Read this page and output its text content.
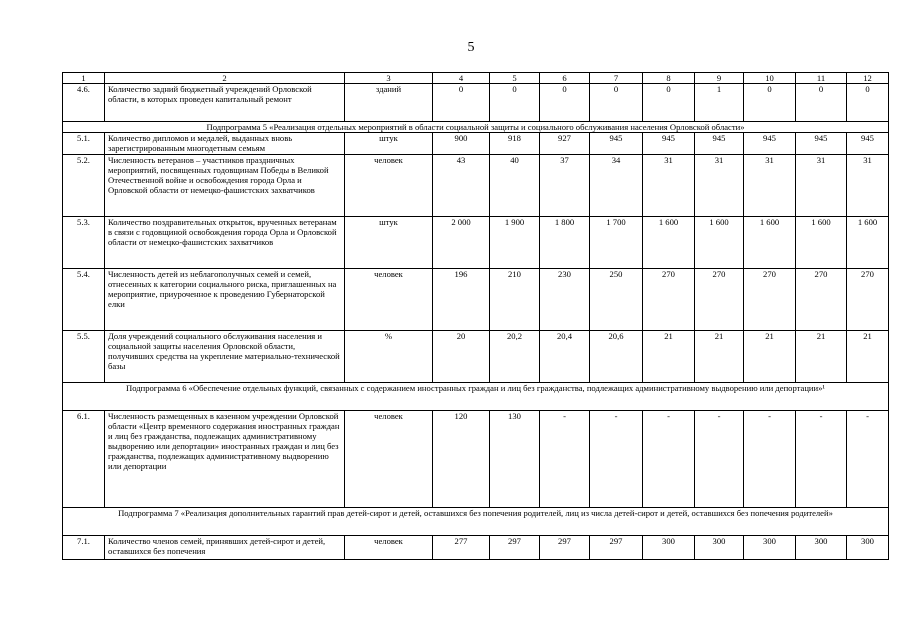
5
1	2	3	4	5	6	7	8	9	10	11	12
4.6.	Количество задний бюджетный учреждений Орловской области, в которых проведен капитальный ремонт	зданий	0	0	0	0	0	1	0	0	0
Подпрограмма 5 «Реализация отдельных мероприятий в области социальной защиты и социального обслуживания населения Орловской области»											
5.1.	Количество дипломов и медалей, выданных вновь зарегистрированным многодетным семьям	штук	900	918	927	945	945	945	945	945	945
5.2.	Численность ветеранов – участников праздничных мероприятий, посвященных годовщинам Победы в Великой Отечественной войне и освобождения города Орла и Орловской области от немецко-фашистских захватчиков	человек	43	40	37	34	31	31	31	31	31
5.3.	Количество поздравительных открыток, врученных ветеранам в связи с годовщиной освобождения города Орла и Орловской области от немецко-фашистских захватчиков	штук	2 000	1 900	1 800	1 700	1 600	1 600	1 600	1 600	1 600
5.4.	Численность детей из неблагополучных семей и семей, отнесенных к категории социального риска, приглашенных на мероприятие, приуроченное к проведению Губернаторской елки	человек	196	210	230	250	270	270	270	270	270
5.5.	Доля учреждений социального обслуживания населения и социальной защиты населения Орловской области, получивших средства на укрепление материально-технической базы	%	20	20,2	20,4	20,6	21	21	21	21	21
Подпрограмма 6 «Обеспечение отдельных функций, связанных с содержанием иностранных граждан и лиц без гражданства, подлежащих административному выдворению или депортации»¹											
6.1.	Численность размещенных в казенном учреждении Орловской области «Центр временного содержания иностранных граждан и лиц без гражданства, подлежащих административному выдворению или депортации» иностранных граждан и лиц без гражданства, подлежащих административному выдворению или депортации	человек	120	130	-	-	-	-	-	-	-
Подпрограмма 7 «Реализация дополнительных гарантий прав детей-сирот и детей, оставшихся без попечения родителей, лиц из числа детей-сирот и детей, оставшихся без попечения родителей»											
7.1.	Количество членов семей, принявших детей-сирот и детей, оставшихся без попечения	человек	277	297	297	297	300	300	300	300	300
